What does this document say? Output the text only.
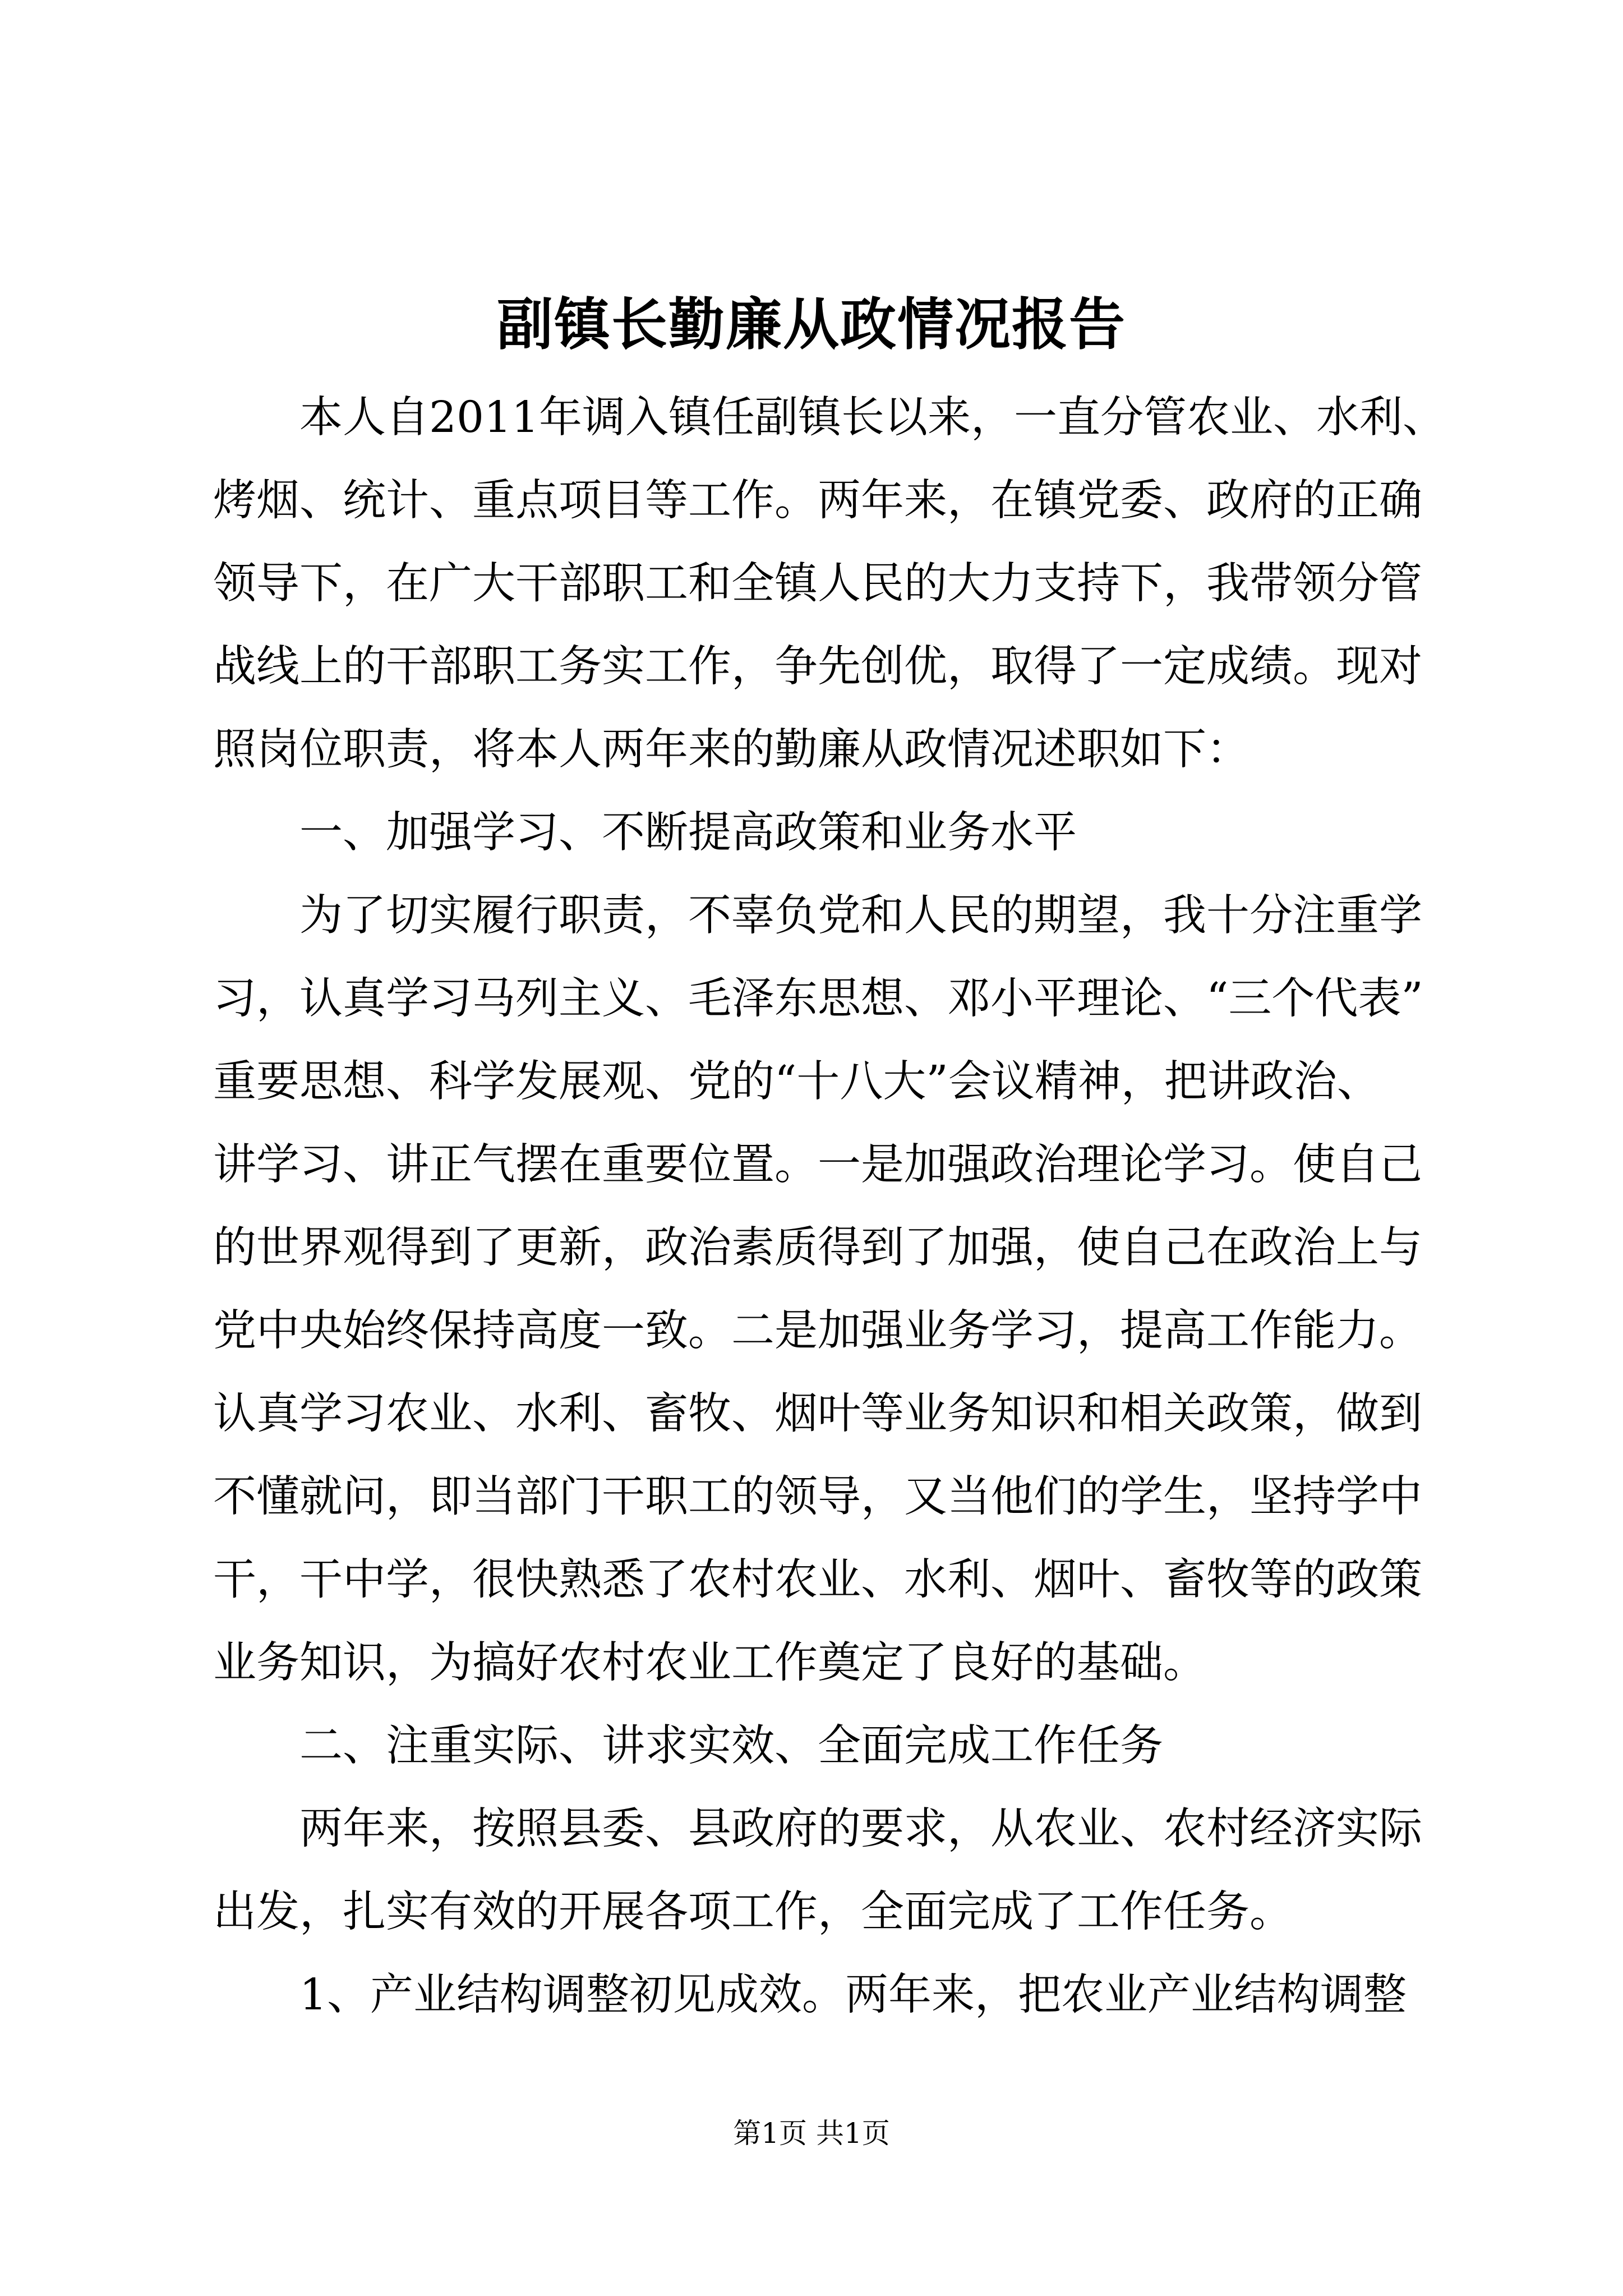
副镇长勤廉从政情况报告

　　本人自2011年调入镇任副镇长以来，一直分管农业、水利、

烤烟、统计、重点项目等工作。两年来，在镇党委、政府的正确

领导下，在广大干部职工和全镇人民的大力支持下，我带领分管

战线上的干部职工务实工作，争先创优，取得了一定成绩。现对

照岗位职责，将本人两年来的勤廉从政情况述职如下：

　　一、加强学习、不断提高政策和业务水平

　　为了切实履行职责，不辜负党和人民的期望，我十分注重学

习，认真学习马列主义、毛泽东思想、邓小平理论、“三个代表”

重要思想、科学发展观、党的“十八大”会议精神，把讲政治、

讲学习、讲正气摆在重要位置。一是加强政治理论学习。使自己

的世界观得到了更新，政治素质得到了加强，使自己在政治上与

党中央始终保持高度一致。二是加强业务学习，提高工作能力。

认真学习农业、水利、畜牧、烟叶等业务知识和相关政策，做到

不懂就问，即当部门干职工的领导，又当他们的学生，坚持学中

干，干中学，很快熟悉了农村农业、水利、烟叶、畜牧等的政策

业务知识，为搞好农村农业工作奠定了良好的基础。

　　二、注重实际、讲求实效、全面完成工作任务

　　两年来，按照县委、县政府的要求，从农业、农村经济实际

出发，扎实有效的开展各项工作，全面完成了工作任务。

　　1、产业结构调整初见成效。两年来，把农业产业结构调整

第1页 共1页
